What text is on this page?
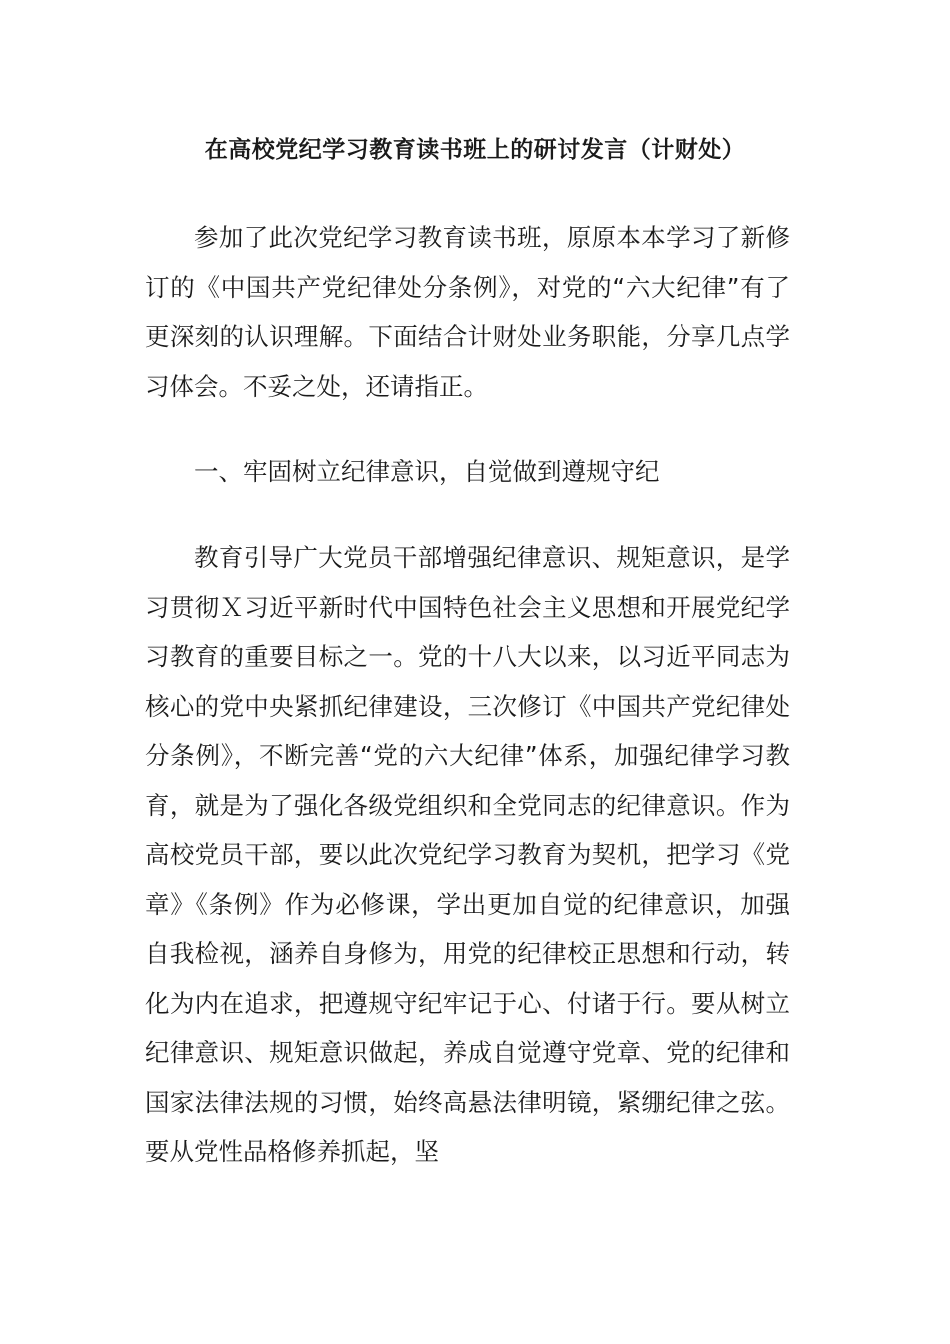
在高校党纪学习教育读书班上的研讨发言（计财处）

参加了此次党纪学习教育读书班，原原本本学习了新修订的《中国共产党纪律处分条例》，对党的“六大纪律”有了更深刻的认识理解。下面结合计财处业务职能，分享几点学习体会。不妥之处，还请指正。

一、牢固树立纪律意识，自觉做到遵规守纪

教育引导广大党员干部增强纪律意识、规矩意识，是学习贯彻Ｘ习近平新时代中国特色社会主义思想和开展党纪学习教育的重要目标之一。党的十八大以来，以习近平同志为核心的党中央紧抓纪律建设，三次修订《中国共产党纪律处分条例》，不断完善“党的六大纪律”体系，加强纪律学习教育，就是为了强化各级党组织和全党同志的纪律意识。作为高校党员干部，要以此次党纪学习教育为契机，把学习《党章》《条例》作为必修课，学出更加自觉的纪律意识，加强自我检视，涵养自身修为，用党的纪律校正思想和行动，转化为内在追求，把遵规守纪牢记于心、付诸于行。要从树立纪律意识、规矩意识做起，养成自觉遵守党章、党的纪律和国家法律法规的习惯，始终高悬法律明镜，紧绷纪律之弦。要从党性品格修养抓起，坚
